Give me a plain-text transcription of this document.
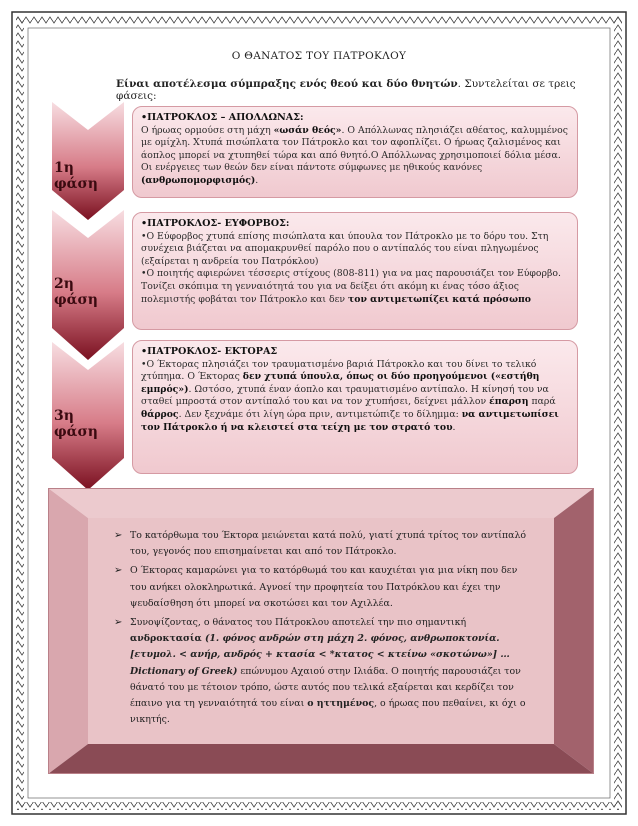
Ο ΘΑΝΑΤΟΣ ΤΟΥ ΠΑΤΡΟΚΛΟΥ
Είναι αποτέλεσμα σύμπραξης ενός θεού και δύο θνητών. Συντελείται σε τρεις φάσεις:
1η φάση
•ΠΑΤΡΟΚΛΟΣ – ΑΠΟΛΛΩΝΑΣ:
Ο ήρωας ορμούσε στη μάχη «ωσάν θεός». Ο Απόλλωνας πλησιάζει αθέατος, καλυμμένος με ομίχλη. Χτυπά πισώπλατα τον Πάτροκλο και τον αφοπλίζει. Ο ήρωας ζαλισμένος και άοπλος μπορεί να χτυπηθεί τώρα και από θνητό.Ο Απόλλωνας χρησιμοποιεί δόλια μέσα. Οι ενέργειες των θεών δεν είναι πάντοτε σύμφωνες με ηθικούς κανόνες (ανθρωπομορφισμός).
2η φάση
•ΠΑΤΡΟΚΛΟΣ- ΕΥΦΟΡΒΟΣ:
•Ο Εύφορβος χτυπά επίσης πισώπλατα και ύπουλα τον Πάτροκλο με το δόρυ του. Στη συνέχεια βιάζεται να απομακρυνθεί παρόλο που ο αντίπαλός του είναι πληγωμένος (εξαίρεται η ανδρεία του Πατρόκλου)
•Ο ποιητής αφιερώνει τέσσερις στίχους (808-811) για να μας παρουσιάζει τον Εύφορβο. Τονίζει σκόπιμα τη γενναιότητά του για να δείξει ότι ακόμη κι ένας τόσο άξιος πολεμιστής φοβάται τον Πάτροκλο και δεν τον αντιμετωπίζει κατά πρόσωπο
3η φάση
•ΠΑΤΡΟΚΛΟΣ- ΕΚΤΟΡΑΣ
•Ο Έκτορας πλησιάζει τον τραυματισμένο βαριά Πάτροκλο και του δίνει το τελικό χτύπημα. Ο Έκτορας δεν χτυπά ύπουλα, όπως οι δύο προηγούμενοι («εστήθη εμπρός»). Ωστόσο, χτυπά έναν άοπλο και τραυματισμένο αντίπαλο. Η κίνησή του να σταθεί μπροστά στον αντίπαλό του και να τον χτυπήσει, δείχνει μάλλον έπαρση παρά θάρρος. Δεν ξεχνάμε ότι λίγη ώρα πριν, αντιμετώπιζε το δίλημμα: να αντιμετωπίσει τον Πάτροκλο ή να κλειστεί στα τείχη με τον στρατό του.
➢ Το κατόρθωμα του Έκτορα μειώνεται κατά πολύ, γιατί χτυπά τρίτος τον αντίπαλό του, γεγονός που επισημαίνεται και από τον Πάτροκλο.
➢ Ο Έκτορας καμαρώνει για το κατόρθωμά του και καυχιέται για μια νίκη που δεν του ανήκει ολοκληρωτικά. Αγνοεί την προφητεία του Πατρόκλου και έχει την ψευδαίσθηση ότι μπορεί να σκοτώσει και τον Αχιλλέα.
➢ Συνοψίζοντας, ο θάνατος του Πάτροκλου αποτελεί την πιο σημαντική ανδροκτασία (1. φόνος ανδρών στη μάχη 2. φόνος, ανθρωποκτονία. [ετυμολ. < ανήρ, ανδρός + κτασία < *κτατος < κτείνω «σκοτώνω»] … Dictionary of Greek) επώνυμου Αχαιού στην Ιλιάδα. Ο ποιητής παρουσιάζει τον θάνατό του με τέτοιον τρόπο, ώστε αυτός που τελικά εξαίρεται και κερδίζει τον έπαινο για τη γενναιότητά του είναι ο ηττημένος, ο ήρωας που πεθαίνει, κι όχι ο νικητής.
